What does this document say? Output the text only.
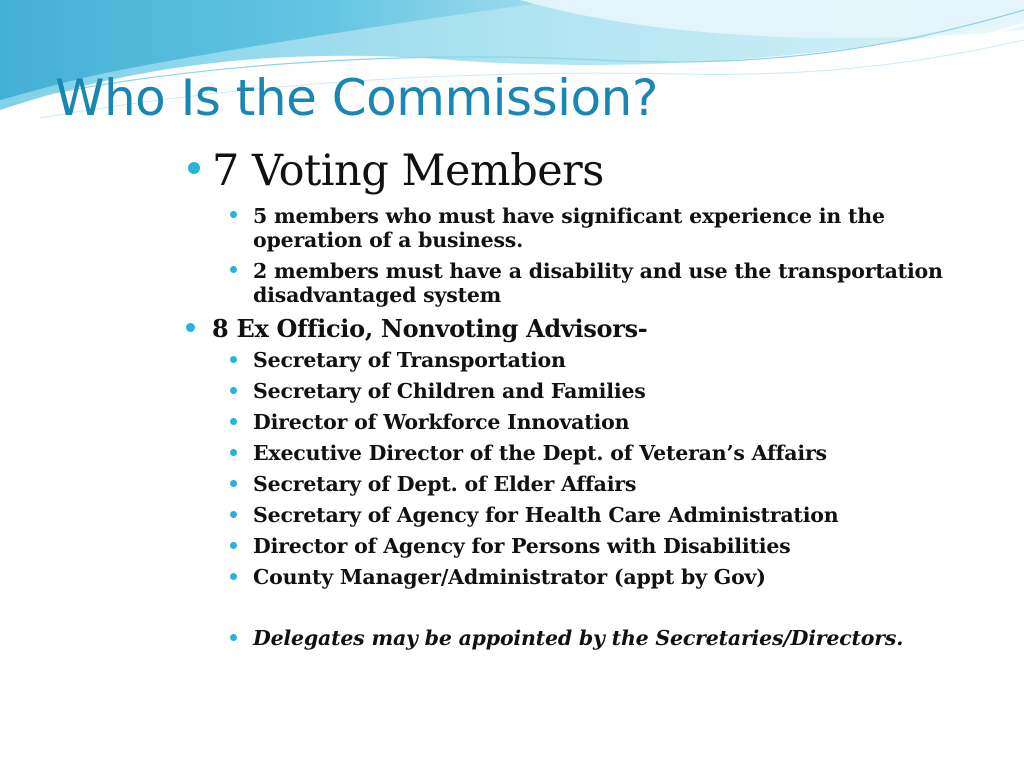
Who Is the Commission?

7 Voting Members

5 members who must have significant experience in the operation of a business.

2 members must have a disability and use the transportation disadvantaged system

8 Ex Officio, Nonvoting Advisors-

Secretary of Transportation

Secretary of Children and Families

Director of Workforce Innovation

Executive Director of the Dept. of Veteran’s Affairs

Secretary of Dept. of Elder Affairs

Secretary of Agency for Health Care Administration

Director of Agency for Persons with Disabilities

County Manager/Administrator (appt by Gov)

Delegates may be appointed by the Secretaries/Directors.
